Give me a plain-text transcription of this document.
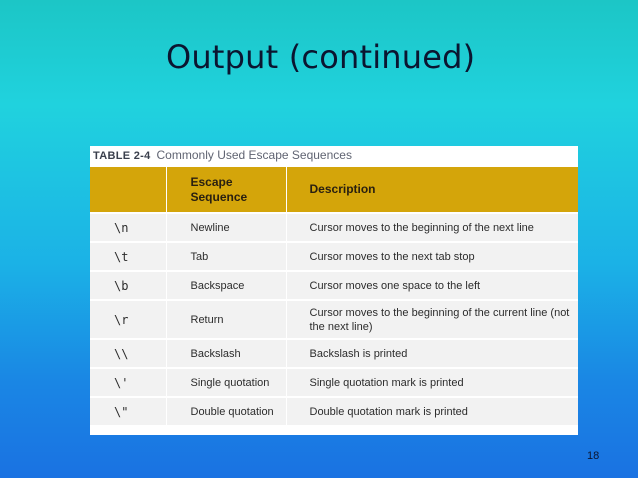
Output (continued)
TABLE 2-4 Commonly Used Escape Sequences
	Escape Sequence	Description
\n	Newline	Cursor moves to the beginning of the next line
\t	Tab	Cursor moves to the next tab stop
\b	Backspace	Cursor moves one space to the left
\r	Return	Cursor moves to the beginning of the current line (not the next line)
\\	Backslash	Backslash is printed
\'	Single quotation	Single quotation mark is printed
\"	Double quotation	Double quotation mark is printed
18
